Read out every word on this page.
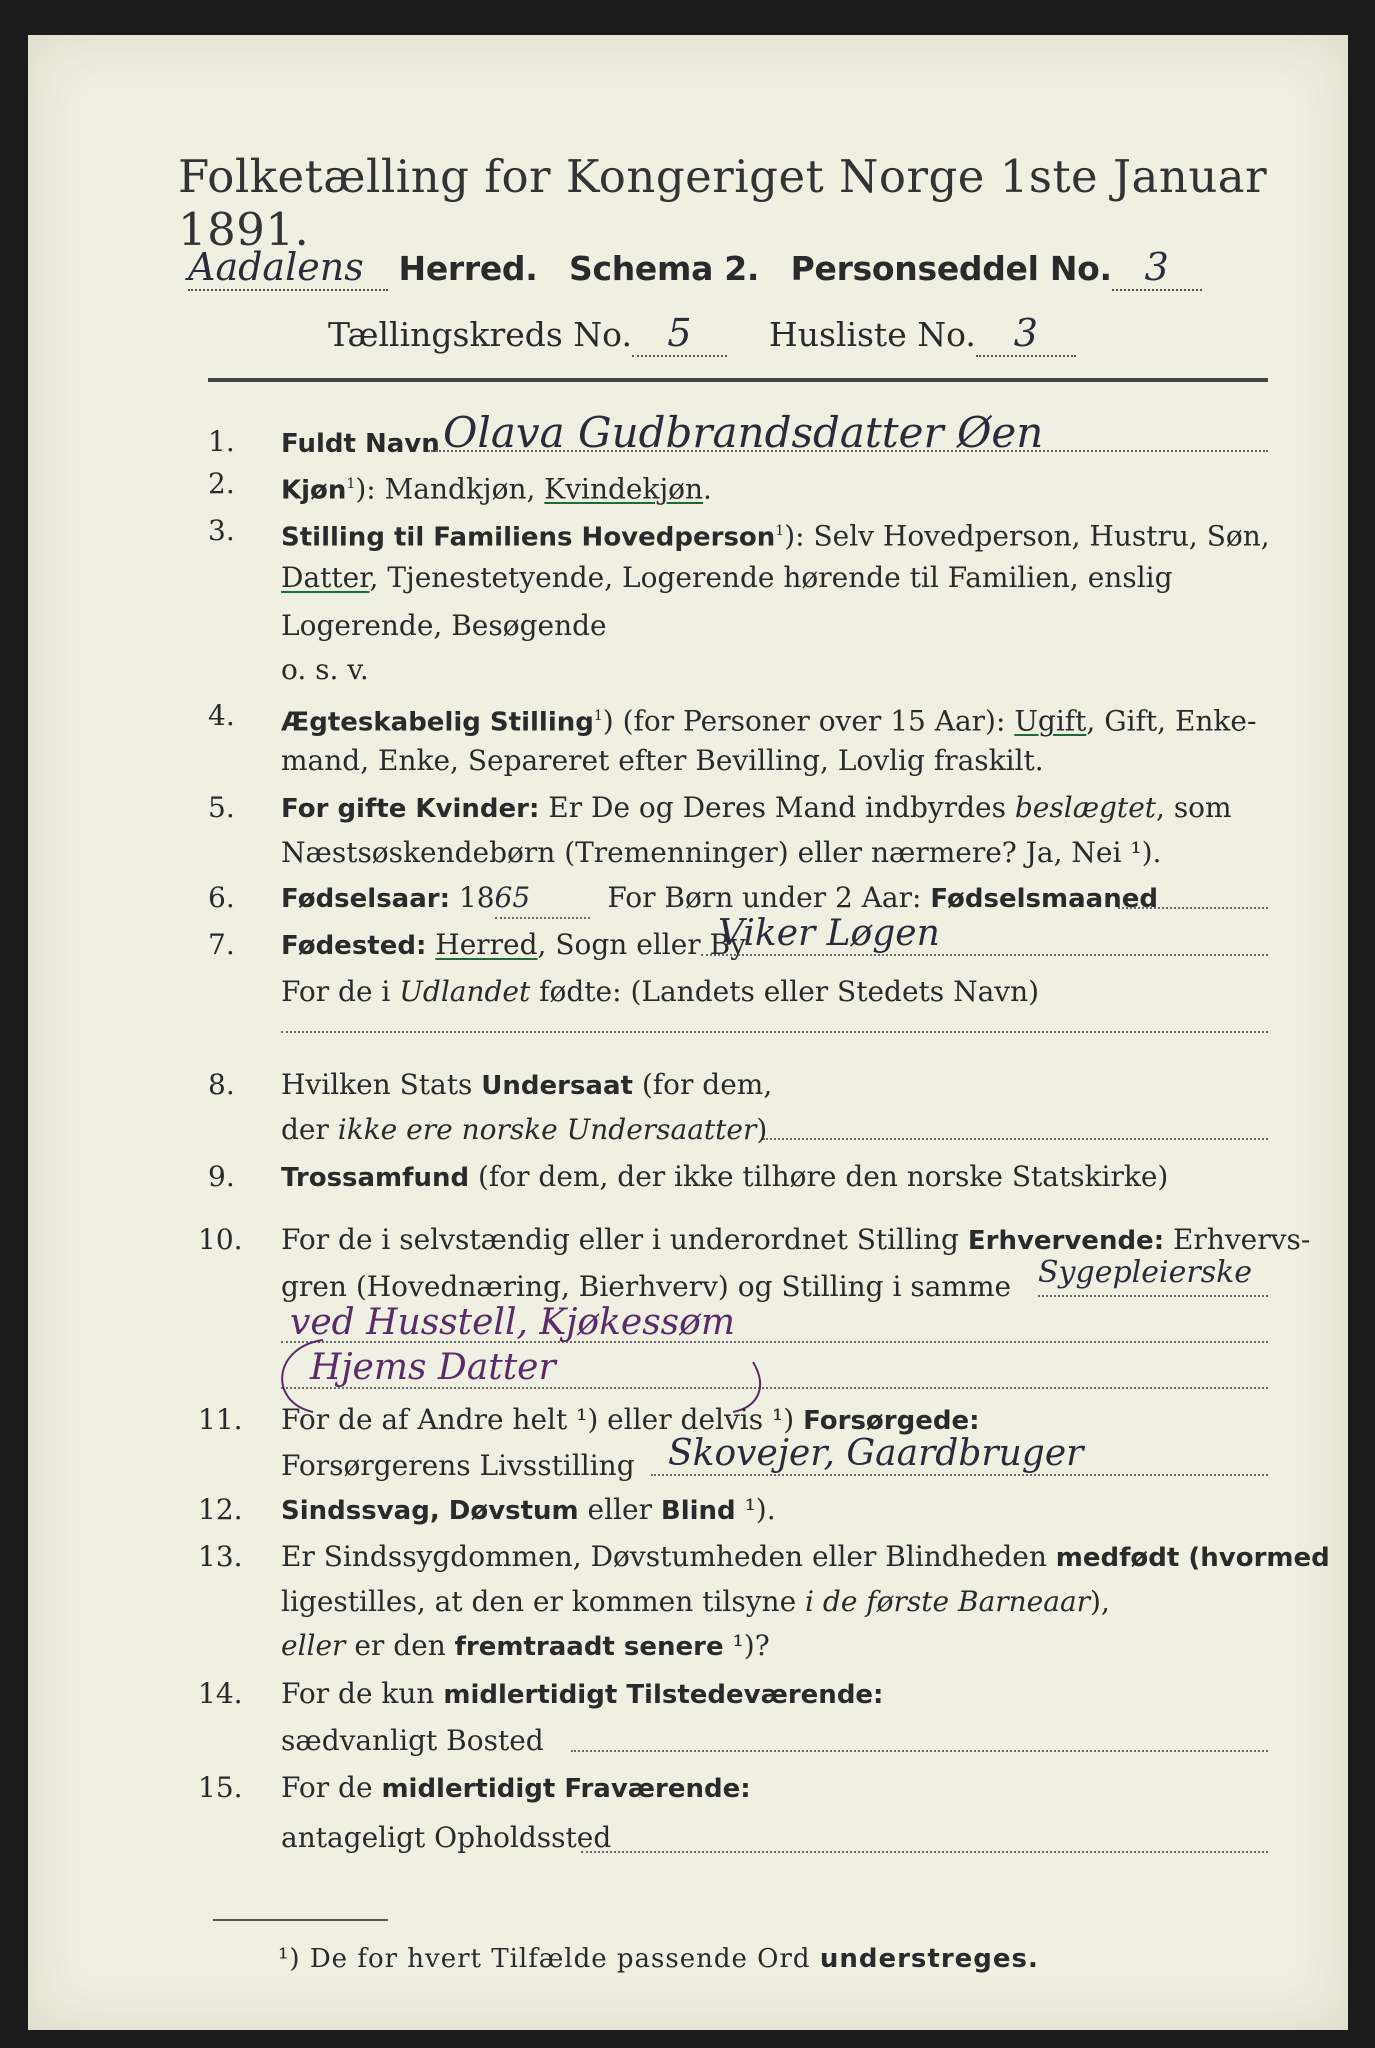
Folketælling for Kongeriget Norge 1ste Januar 1891.
Aadalens Herred. Schema 2. Personseddel No. 3
Tællingskreds No. 5 Husliste No. 3
1.	Fuldt Navn Olava Gudbrandsdatter Øen
2.	Kjøn$^1$): Mandkjøn, Kvindekjøn.
3.	Stilling til Familiens Hovedperson$^1$): Selv Hovedperson, Hustru, Søn,
Datter, Tjenestetyende, Logerende hørende til Familien, enslig
Logerende, Besøgende
o. s. v.
4.	Ægteskabelig Stilling$^1$) (for Personer over 15 Aar): Ugift, Gift, Enke-
mand, Enke, Separeret efter Bevilling, Lovlig fraskilt.
5.	For gifte Kvinder: Er De og Deres Mand indbyrdes beslægtet, som
Næstsøskendebørn (Tremenninger) eller nærmere? Ja, Nei ¹).
6.	Fødselsaar: 1865	For Børn under 2 Aar: Fødselsmaaned
7.	Fødested: Herred, Sogn eller By
Viker Løgen
For de i Udlandet fødte: (Landets eller Stedets Navn)
8.	Hvilken Stats Undersaat (for dem,
der ikke ere norske Undersaatter)
9.	Trossamfund (for dem, der ikke tilhøre den norske Statskirke)
10. For de i selvstændig eller i underordnet Stilling Erhvervende: Erhvervs-
gren (Hovednæring, Bierhverv) og Stilling i samme Sygepleierske
ved Husstell, Kjøkessøm
Hjems Datter
11. For de af Andre helt ¹) eller delvis ¹) Forsørgede:
Forsørgerens Livsstilling Skovejer, Gaardbruger
12. Sindssvag, Døvstum eller Blind ¹).
13. Er Sindssygdommen, Døvstumheden eller Blindheden medfødt (hvormed
ligestilles, at den er kommen tilsyne i de første Barneaar),
eller er den fremtraadt senere ¹)?
14. For de kun midlertidigt Tilstedeværende:
sædvanligt Bosted
15. For de midlertidigt Fraværende:
antageligt Opholdssted
¹) De for hvert Tilfælde passende Ord understreges.
